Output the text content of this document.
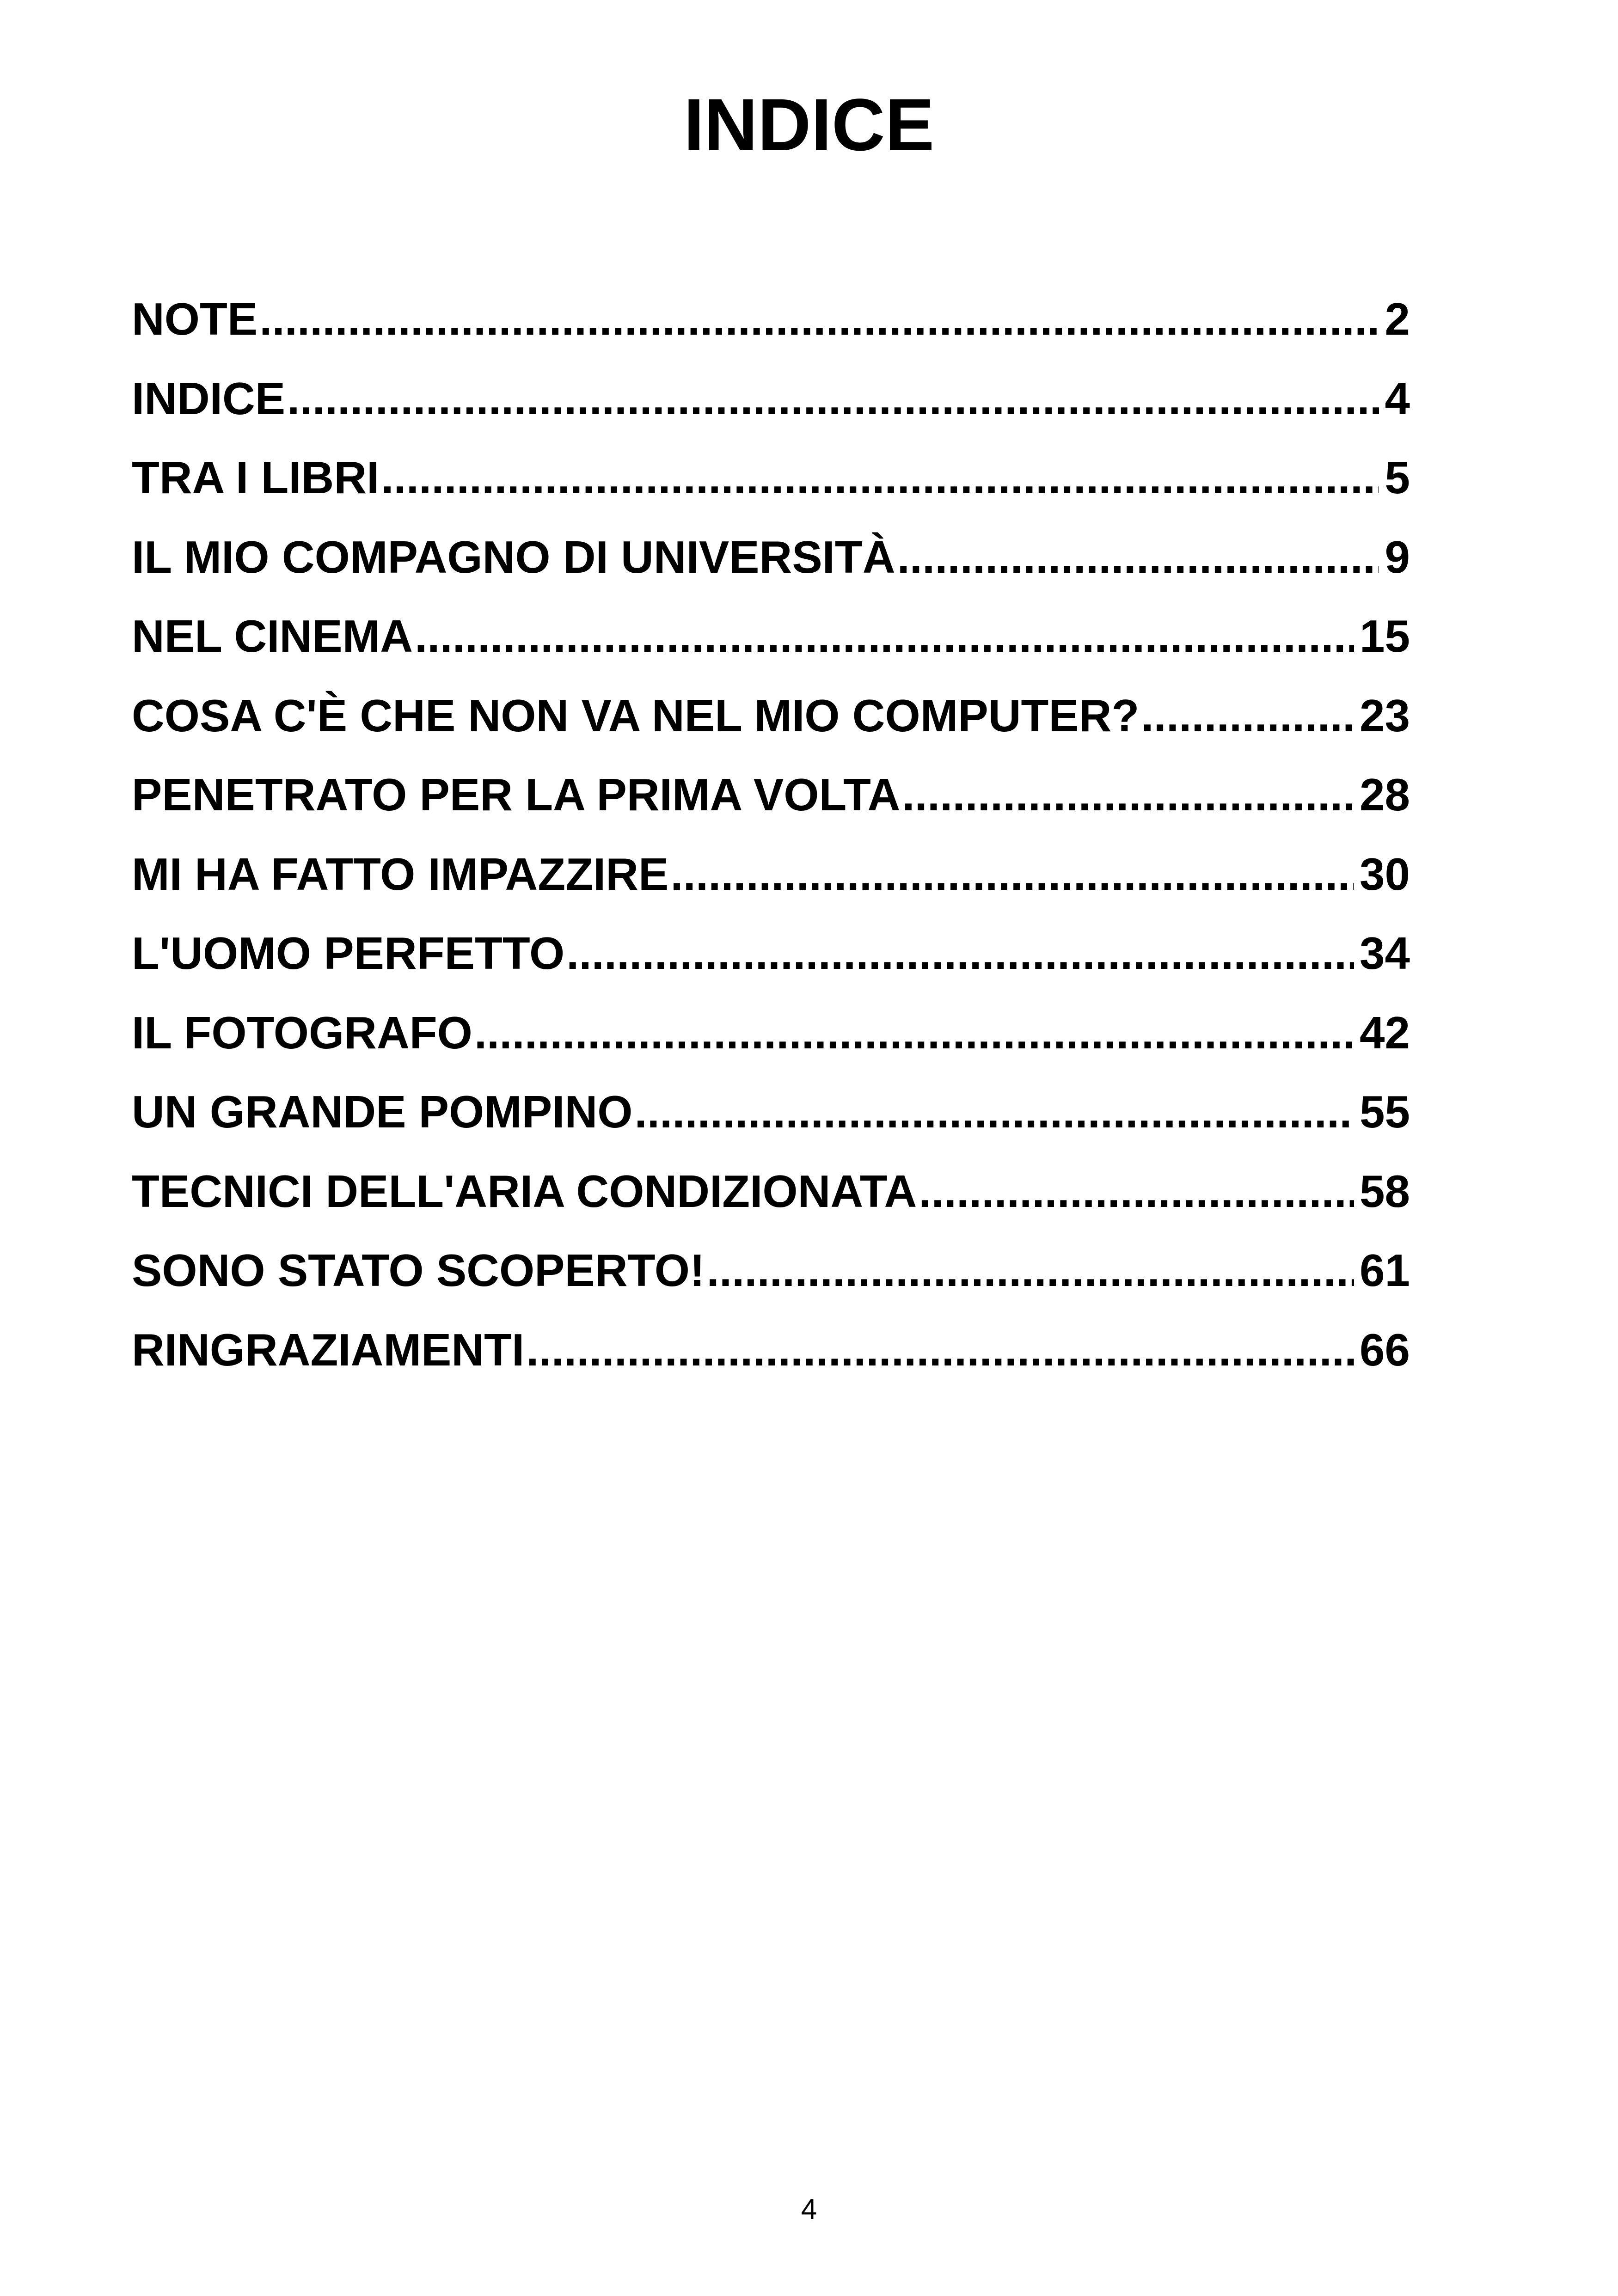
INDICE
NOTE .....	2
INDICE .....	4
TRA I LIBRI .....	5
IL MIO COMPAGNO DI UNIVERSITÀ .....	9
NEL CINEMA .....	15
COSA C'È CHE NON VA NEL MIO COMPUTER? .....	23
PENETRATO PER LA PRIMA VOLTA .....	28
MI HA FATTO IMPAZZIRE .....	30
L'UOMO PERFETTO .....	34
IL FOTOGRAFO .....	42
UN GRANDE POMPINO .....	55
TECNICI DELL'ARIA CONDIZIONATA .....	58
SONO STATO SCOPERTO! .....	61
RINGRAZIAMENTI .....	66
4
